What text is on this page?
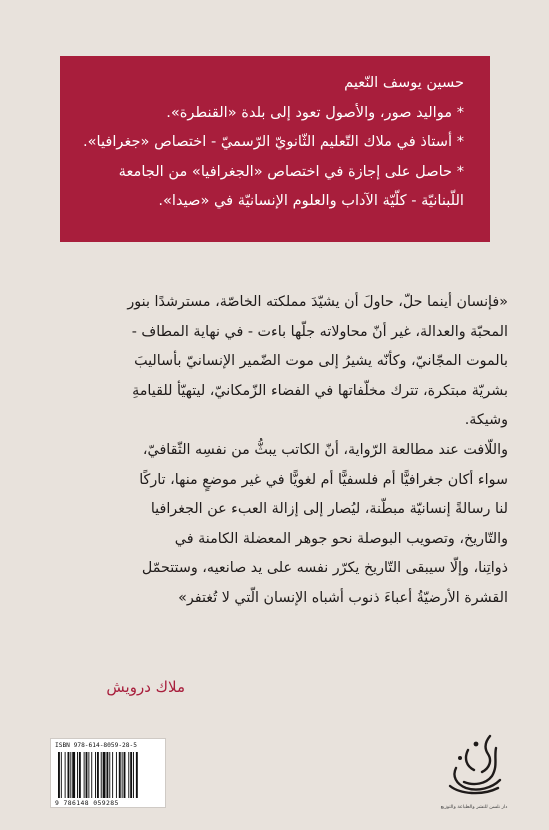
حسين يوسف النّعيم
* مواليد صور، والأصول تعود إلى بلدة «القنطرة».
* أستاذ في ملاك التّعليم الثّانويّ الرّسميّ - اختصاص «جغرافيا».
* حاصل على إجازة في اختصاص «الجغرافيا» من الجامعة
اللّبنانيّة - كلّيّة الآداب والعلوم الإنسانيّة في «صيدا».
«فإنسان أينما حلّ، حاولَ أن يشيّدَ مملكته الخاصّة، مسترشدًا بنور
المحبّة والعدالة، غير أنّ محاولاته جلّها باءت - في نهاية المطاف -
بالموت المجّانيّ، وكأنّه يشيرُ إلى موت الضّمير الإنسانيّ بأساليبَ
بشريّة مبتكرة، تترك مخلّفاتها في الفضاء الزّمكانيّ، ليتهيّأ للقيامةِ
وشيكة.
واللّافت عند مطالعة الرّواية، أنّ الكاتب يبثُّ من نفسِه الثّقافيّ،
سواء أكان جغرافيًّا أم فلسفيًّا أم لغويًّا في غير موضعٍ منها، تاركًا
لنا رسالةً إنسانيّة مبطّنة، ليُصار إلى إزالة العبء عن الجغرافيا
والتّاريخ، وتصويب البوصلة نحو جوهر المعضلة الكامنة في
ذواتِنا، وإلّا سيبقى التّاريخ يكرّر نفسه على يد صانعيه، وستتحمّل
القشرة الأرضيّةُ أعباءَ ذنوب أشباه الإنسان الّتي لا تُغتفر»
ملاك درويش
ISBN 978-614-8059-28-5
9 786148 059285
دار نلسن للنشر والطباعة والتوزيع
